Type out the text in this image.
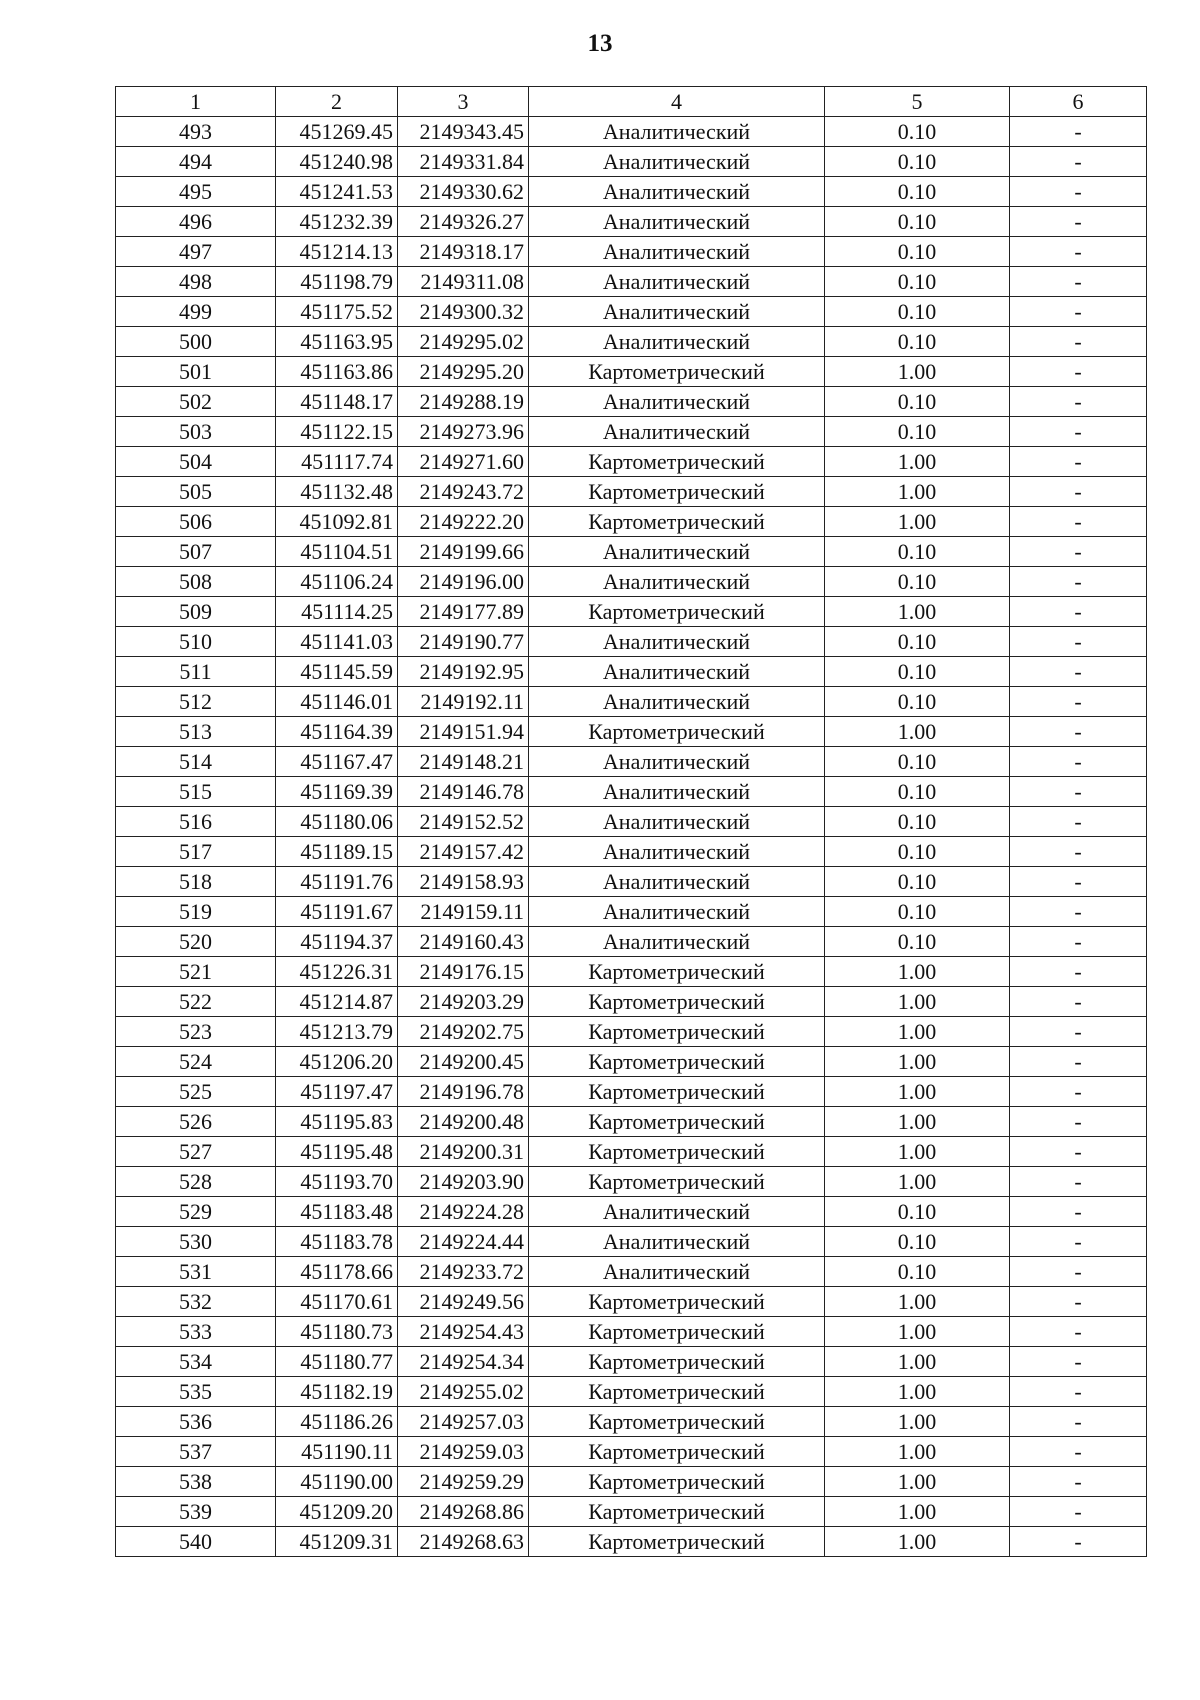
13
1	2	3	4	5	6
493	451269.45	2149343.45	Аналитический	0.10	-
494	451240.98	2149331.84	Аналитический	0.10	-
495	451241.53	2149330.62	Аналитический	0.10	-
496	451232.39	2149326.27	Аналитический	0.10	-
497	451214.13	2149318.17	Аналитический	0.10	-
498	451198.79	2149311.08	Аналитический	0.10	-
499	451175.52	2149300.32	Аналитический	0.10	-
500	451163.95	2149295.02	Аналитический	0.10	-
501	451163.86	2149295.20	Картометрический	1.00	-
502	451148.17	2149288.19	Аналитический	0.10	-
503	451122.15	2149273.96	Аналитический	0.10	-
504	451117.74	2149271.60	Картометрический	1.00	-
505	451132.48	2149243.72	Картометрический	1.00	-
506	451092.81	2149222.20	Картометрический	1.00	-
507	451104.51	2149199.66	Аналитический	0.10	-
508	451106.24	2149196.00	Аналитический	0.10	-
509	451114.25	2149177.89	Картометрический	1.00	-
510	451141.03	2149190.77	Аналитический	0.10	-
511	451145.59	2149192.95	Аналитический	0.10	-
512	451146.01	2149192.11	Аналитический	0.10	-
513	451164.39	2149151.94	Картометрический	1.00	-
514	451167.47	2149148.21	Аналитический	0.10	-
515	451169.39	2149146.78	Аналитический	0.10	-
516	451180.06	2149152.52	Аналитический	0.10	-
517	451189.15	2149157.42	Аналитический	0.10	-
518	451191.76	2149158.93	Аналитический	0.10	-
519	451191.67	2149159.11	Аналитический	0.10	-
520	451194.37	2149160.43	Аналитический	0.10	-
521	451226.31	2149176.15	Картометрический	1.00	-
522	451214.87	2149203.29	Картометрический	1.00	-
523	451213.79	2149202.75	Картометрический	1.00	-
524	451206.20	2149200.45	Картометрический	1.00	-
525	451197.47	2149196.78	Картометрический	1.00	-
526	451195.83	2149200.48	Картометрический	1.00	-
527	451195.48	2149200.31	Картометрический	1.00	-
528	451193.70	2149203.90	Картометрический	1.00	-
529	451183.48	2149224.28	Аналитический	0.10	-
530	451183.78	2149224.44	Аналитический	0.10	-
531	451178.66	2149233.72	Аналитический	0.10	-
532	451170.61	2149249.56	Картометрический	1.00	-
533	451180.73	2149254.43	Картометрический	1.00	-
534	451180.77	2149254.34	Картометрический	1.00	-
535	451182.19	2149255.02	Картометрический	1.00	-
536	451186.26	2149257.03	Картометрический	1.00	-
537	451190.11	2149259.03	Картометрический	1.00	-
538	451190.00	2149259.29	Картометрический	1.00	-
539	451209.20	2149268.86	Картометрический	1.00	-
540	451209.31	2149268.63	Картометрический	1.00	-
